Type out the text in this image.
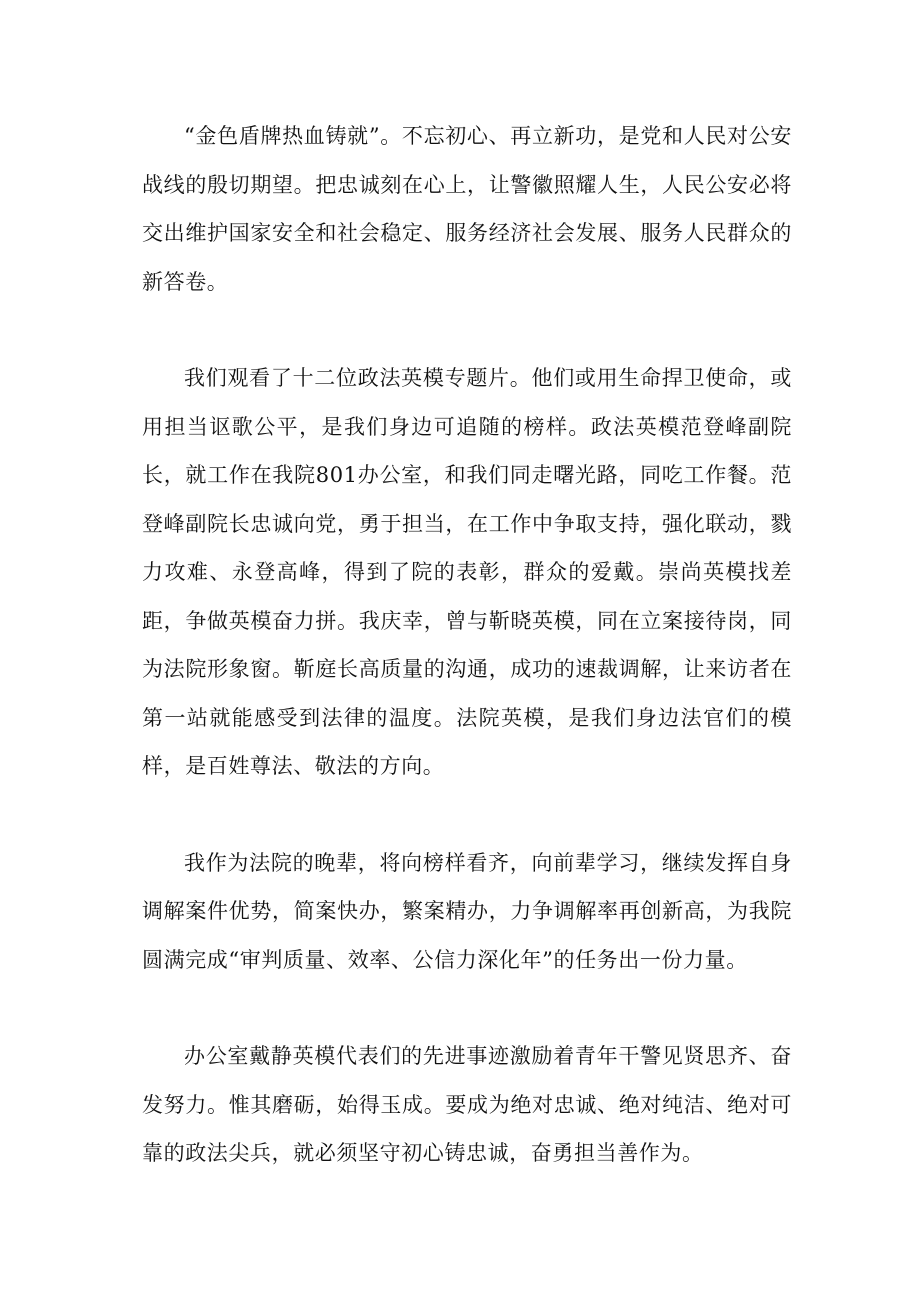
“金色盾牌热血铸就”。不忘初心、再立新功，是党和人民对公安战线的殷切期望。把忠诚刻在心上，让警徽照耀人生，人民公安必将交出维护国家安全和社会稳定、服务经济社会发展、服务人民群众的新答卷。

我们观看了十二位政法英模专题片。他们或用生命捍卫使命，或用担当讴歌公平，是我们身边可追随的榜样。政法英模范登峰副院长，就工作在我院801办公室，和我们同走曙光路，同吃工作餐。范登峰副院长忠诚向党，勇于担当，在工作中争取支持，强化联动，戮力攻难、永登高峰，得到了院的表彰，群众的爱戴。崇尚英模找差距，争做英模奋力拼。我庆幸，曾与靳晓英模，同在立案接待岗，同为法院形象窗。靳庭长高质量的沟通，成功的速裁调解，让来访者在第一站就能感受到法律的温度。法院英模，是我们身边法官们的模样，是百姓尊法、敬法的方向。

我作为法院的晚辈，将向榜样看齐，向前辈学习，继续发挥自身调解案件优势，简案快办，繁案精办，力争调解率再创新高，为我院圆满完成“审判质量、效率、公信力深化年”的任务出一份力量。

办公室戴静英模代表们的先进事迹激励着青年干警见贤思齐、奋发努力。惟其磨砺，始得玉成。要成为绝对忠诚、绝对纯洁、绝对可靠的政法尖兵，就必须坚守初心铸忠诚，奋勇担当善作为。
